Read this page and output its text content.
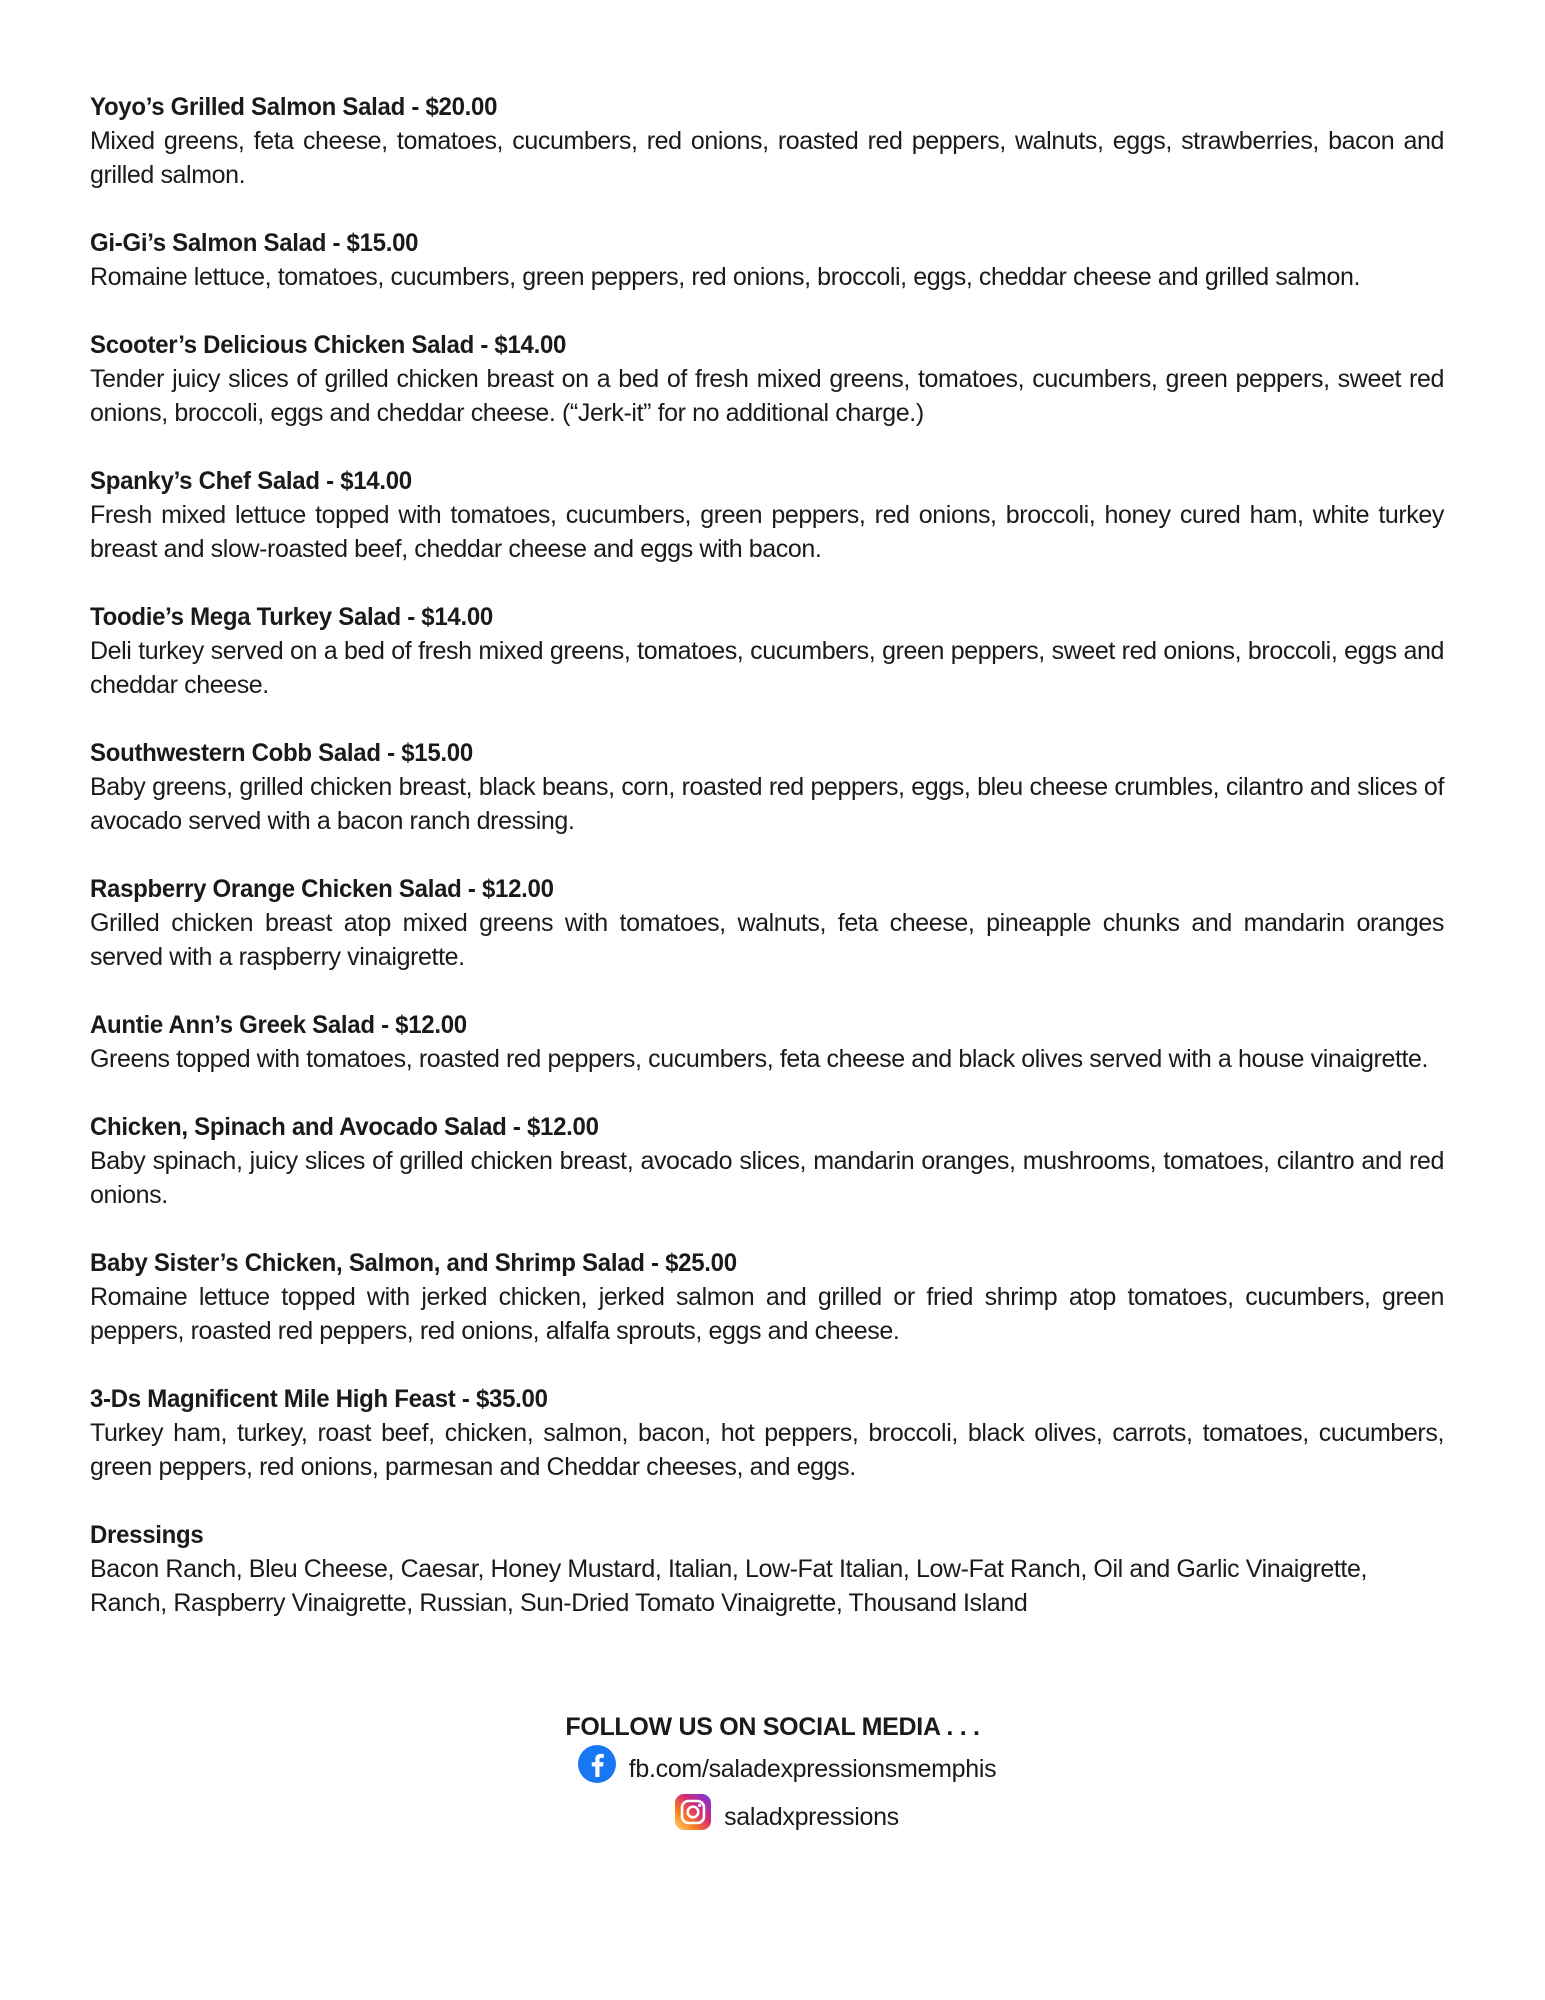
Yoyo’s Grilled Salmon Salad - $20.00
Mixed greens, feta cheese, tomatoes, cucumbers, red onions, roasted red peppers, walnuts, eggs, strawberries, bacon and grilled salmon.
Gi-Gi’s Salmon Salad - $15.00
Romaine lettuce, tomatoes, cucumbers, green peppers, red onions, broccoli, eggs, cheddar cheese and grilled salmon.
Scooter’s Delicious Chicken Salad - $14.00
Tender juicy slices of grilled chicken breast on a bed of fresh mixed greens, tomatoes, cucumbers, green peppers, sweet red onions, broccoli, eggs and cheddar cheese. (“Jerk-it” for no additional charge.)
Spanky’s Chef Salad - $14.00
Fresh mixed lettuce topped with tomatoes, cucumbers, green peppers, red onions, broccoli, honey cured ham, white turkey breast and slow-roasted beef, cheddar cheese and eggs with bacon.
Toodie’s Mega Turkey Salad - $14.00
Deli turkey served on a bed of fresh mixed greens, tomatoes, cucumbers, green peppers, sweet red onions, broccoli, eggs and cheddar cheese.
Southwestern Cobb Salad - $15.00
Baby greens, grilled chicken breast, black beans, corn, roasted red peppers, eggs, bleu cheese crumbles, cilantro and slices of avocado served with a bacon ranch dressing.
Raspberry Orange Chicken Salad - $12.00
Grilled chicken breast atop mixed greens with tomatoes, walnuts, feta cheese, pineapple chunks and mandarin oranges served with a raspberry vinaigrette.
Auntie Ann’s Greek Salad - $12.00
Greens topped with tomatoes, roasted red peppers, cucumbers, feta cheese and black olives served with a house vinaigrette.
Chicken, Spinach and Avocado Salad - $12.00
Baby spinach, juicy slices of grilled chicken breast, avocado slices, mandarin oranges, mushrooms, tomatoes, cilantro and red onions.
Baby Sister’s Chicken, Salmon, and Shrimp Salad - $25.00
Romaine lettuce topped with jerked chicken, jerked salmon and grilled or fried shrimp atop tomatoes, cucumbers, green peppers, roasted red peppers, red onions, alfalfa sprouts, eggs and cheese.
3-Ds Magnificent Mile High Feast - $35.00
Turkey ham, turkey, roast beef, chicken, salmon, bacon, hot peppers, broccoli, black olives, carrots, tomatoes, cucumbers, green peppers, red onions, parmesan and Cheddar cheeses, and eggs.
Dressings
Bacon Ranch, Bleu Cheese, Caesar, Honey Mustard, Italian, Low-Fat Italian, Low-Fat Ranch, Oil and Garlic Vinaigrette, Ranch, Raspberry Vinaigrette, Russian, Sun-Dried Tomato Vinaigrette, Thousand Island
FOLLOW US ON SOCIAL MEDIA . . .
fb.com/saladexpressionsmemphis
saladxpressions
